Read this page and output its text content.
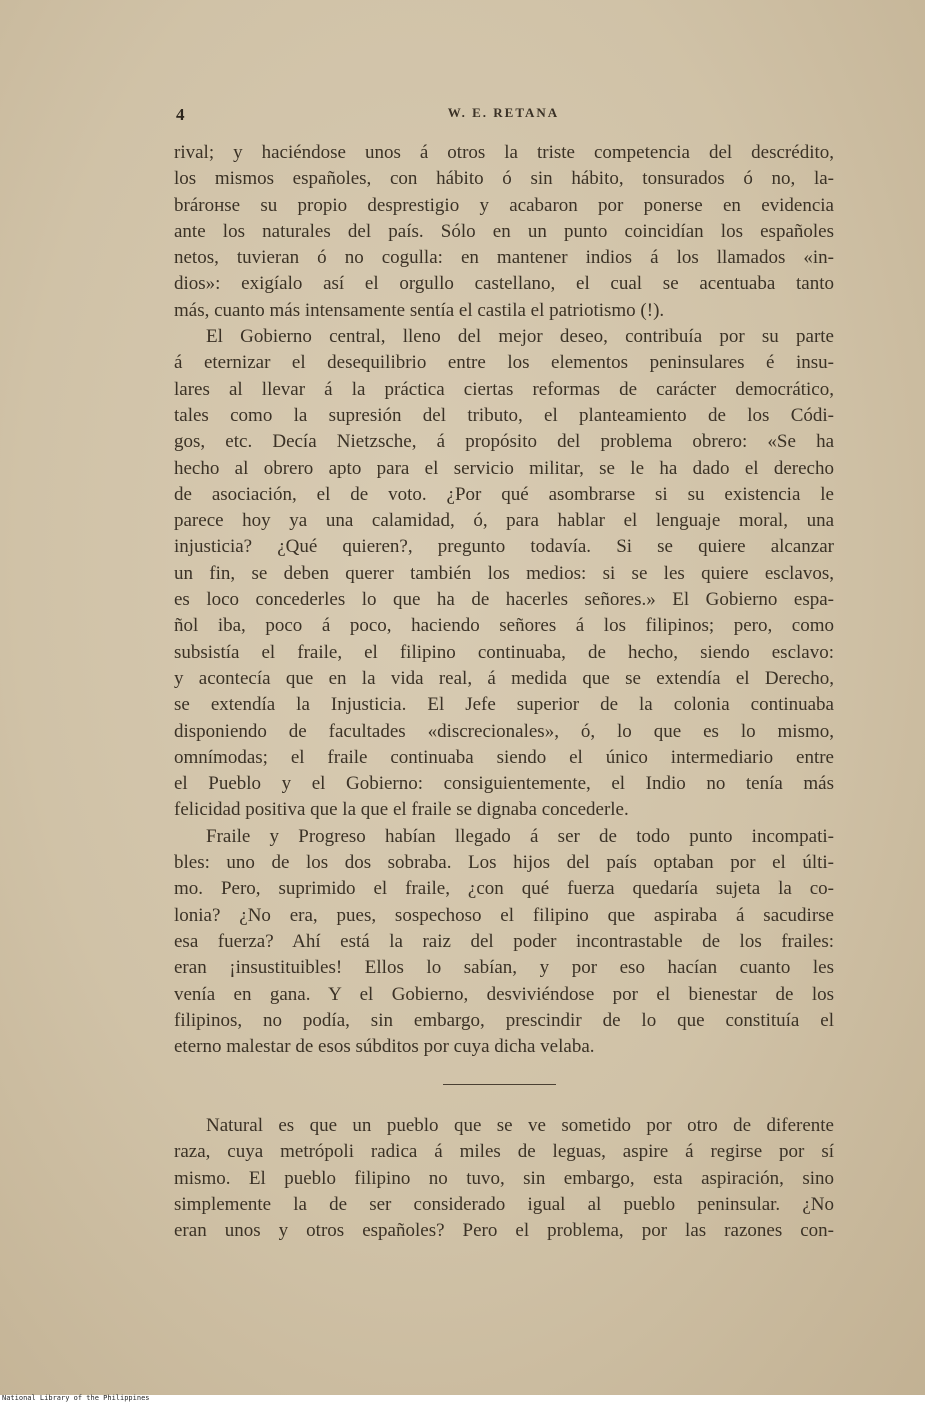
4	W. E. RETANA

rival; y haciéndose unos á otros la triste competencia del descrédito,
los mismos españoles, con hábito ó sin hábito, tonsurados ó no, la-
brárонse su propio desprestigio y acabaron por ponerse en evidencia
ante los naturales del país. Sólo en un punto coincidían los españoles
netos, tuvieran ó no cogulla: en mantener indios á los llamados «in-
dios»: exigíalo así el orgullo castellano, el cual se acentuaba tanto
más, cuanto más intensamente sentía el castila el patriotismo (!).

El Gobierno central, lleno del mejor deseo, contribuía por su parte
á eternizar el desequilibrio entre los elementos peninsulares é insu-
lares al llevar á la práctica ciertas reformas de carácter democrático,
tales como la supresión del tributo, el planteamiento de los Códi-
gos, etc. Decía Nietzsche, á propósito del problema obrero: «Se ha
hecho al obrero apto para el servicio militar, se le ha dado el derecho
de asociación, el de voto. ¿Por qué asombrarse si su existencia le
parece hoy ya una calamidad, ó, para hablar el lenguaje moral, una
injusticia? ¿Qué quieren?, pregunto todavía. Si se quiere alcanzar
un fin, se deben querer también los medios: si se les quiere esclavos,
es loco concederles lo que ha de hacerles señores.» El Gobierno espa-
ñol iba, poco á poco, haciendo señores á los filipinos; pero, como
subsistía el fraile, el filipino continuaba, de hecho, siendo esclavo:
y acontecía que en la vida real, á medida que se extendía el Derecho,
se extendía la Injusticia. El Jefe superior de la colonia continuaba
disponiendo de facultades «discrecionales», ó, lo que es lo mismo,
omnímodas; el fraile continuaba siendo el único intermediario entre
el Pueblo y el Gobierno: consiguientemente, el Indio no tenía más
felicidad positiva que la que el fraile se dignaba concederle.

Fraile y Progreso habían llegado á ser de todo punto incompati-
bles: uno de los dos sobraba. Los hijos del país optaban por el últi-
mo. Pero, suprimido el fraile, ¿con qué fuerza quedaría sujeta la co-
lonia? ¿No era, pues, sospechoso el filipino que aspiraba á sacudirse
esa fuerza? Ahí está la raiz del poder incontrastable de los frailes:
eran ¡insustituibles! Ellos lo sabían, y por eso hacían cuanto les
venía en gana. Y el Gobierno, desviviéndose por el bienestar de los
filipinos, no podía, sin embargo, prescindir de lo que constituía el
eterno malestar de esos súbditos por cuya dicha velaba.

Natural es que un pueblo que se ve sometido por otro de diferente
raza, cuya metrópoli radica á miles de leguas, aspire á regirse por sí
mismo. El pueblo filipino no tuvo, sin embargo, esta aspiración, sino
simplemente la de ser considerado igual al pueblo peninsular. ¿No
eran unos y otros españoles? Pero el problema, por las razones con-

National Library of the Philippines
